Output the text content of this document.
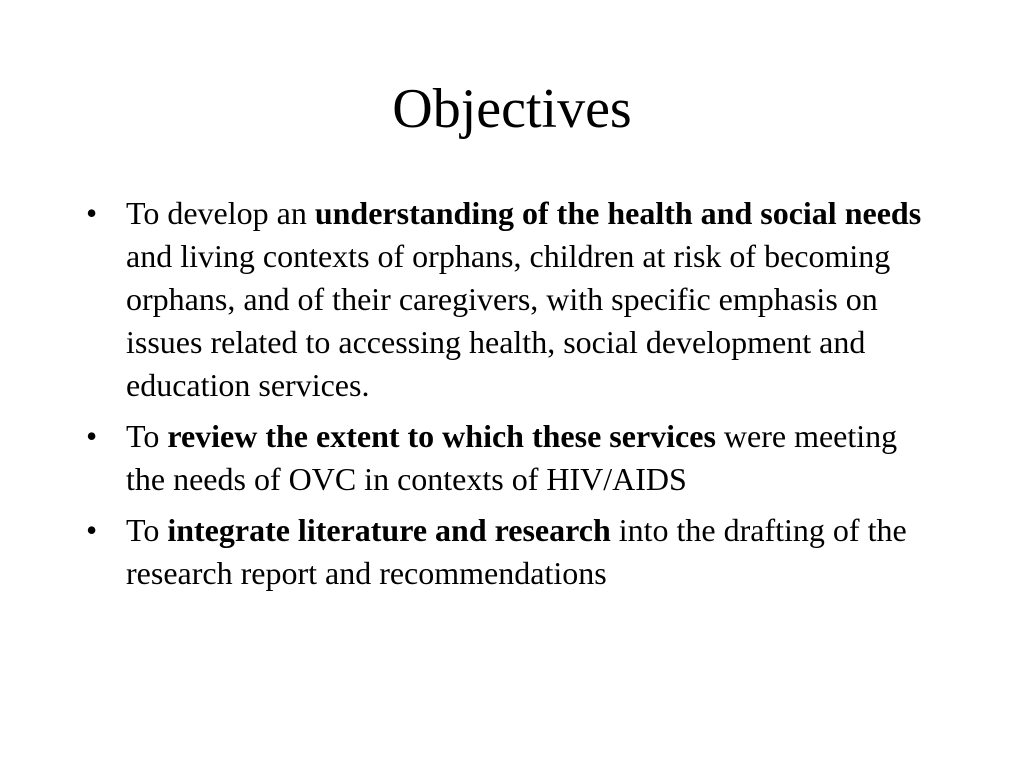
Objectives
• To develop an understanding of the health and social needs and living contexts of orphans, children at risk of becoming orphans, and of their caregivers, with specific emphasis on issues related to accessing health, social development and education services.
• To review the extent to which these services were meeting the needs of OVC in contexts of HIV/AIDS
• To integrate literature and research into the drafting of the research report and recommendations
